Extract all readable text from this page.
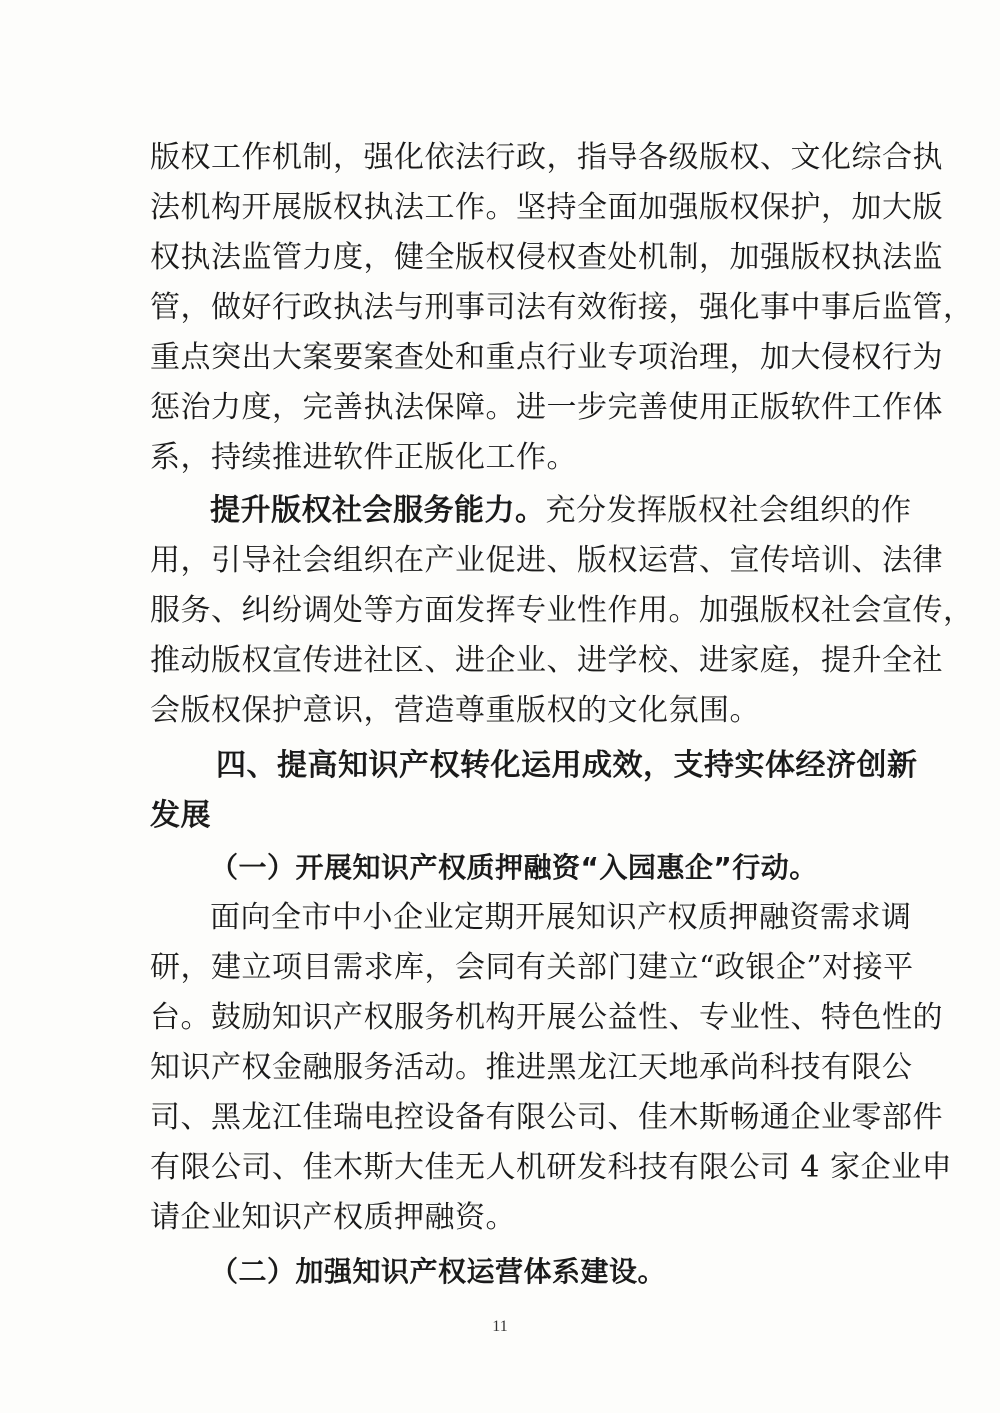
版权工作机制，强化依法行政，指导各级版权、文化综合执
法机构开展版权执法工作。坚持全面加强版权保护，加大版
权执法监管力度，健全版权侵权查处机制，加强版权执法监
管，做好行政执法与刑事司法有效衔接，强化事中事后监管，
重点突出大案要案查处和重点行业专项治理，加大侵权行为
惩治力度，完善执法保障。进一步完善使用正版软件工作体
系，持续推进软件正版化工作。
提升版权社会服务能力。充分发挥版权社会组织的作
用，引导社会组织在产业促进、版权运营、宣传培训、法律
服务、纠纷调处等方面发挥专业性作用。加强版权社会宣传，
推动版权宣传进社区、进企业、进学校、进家庭，提升全社
会版权保护意识，营造尊重版权的文化氛围。
四、提高知识产权转化运用成效，支持实体经济创新
发展
（一）开展知识产权质押融资“入园惠企”行动。
面向全市中小企业定期开展知识产权质押融资需求调
研，建立项目需求库，会同有关部门建立“政银企”对接平
台。鼓励知识产权服务机构开展公益性、专业性、特色性的
知识产权金融服务活动。推进黑龙江天地承尚科技有限公
司、黑龙江佳瑞电控设备有限公司、佳木斯畅通企业零部件
有限公司、佳木斯大佳无人机研发科技有限公司 4 家企业申
请企业知识产权质押融资。
（二）加强知识产权运营体系建设。
11
